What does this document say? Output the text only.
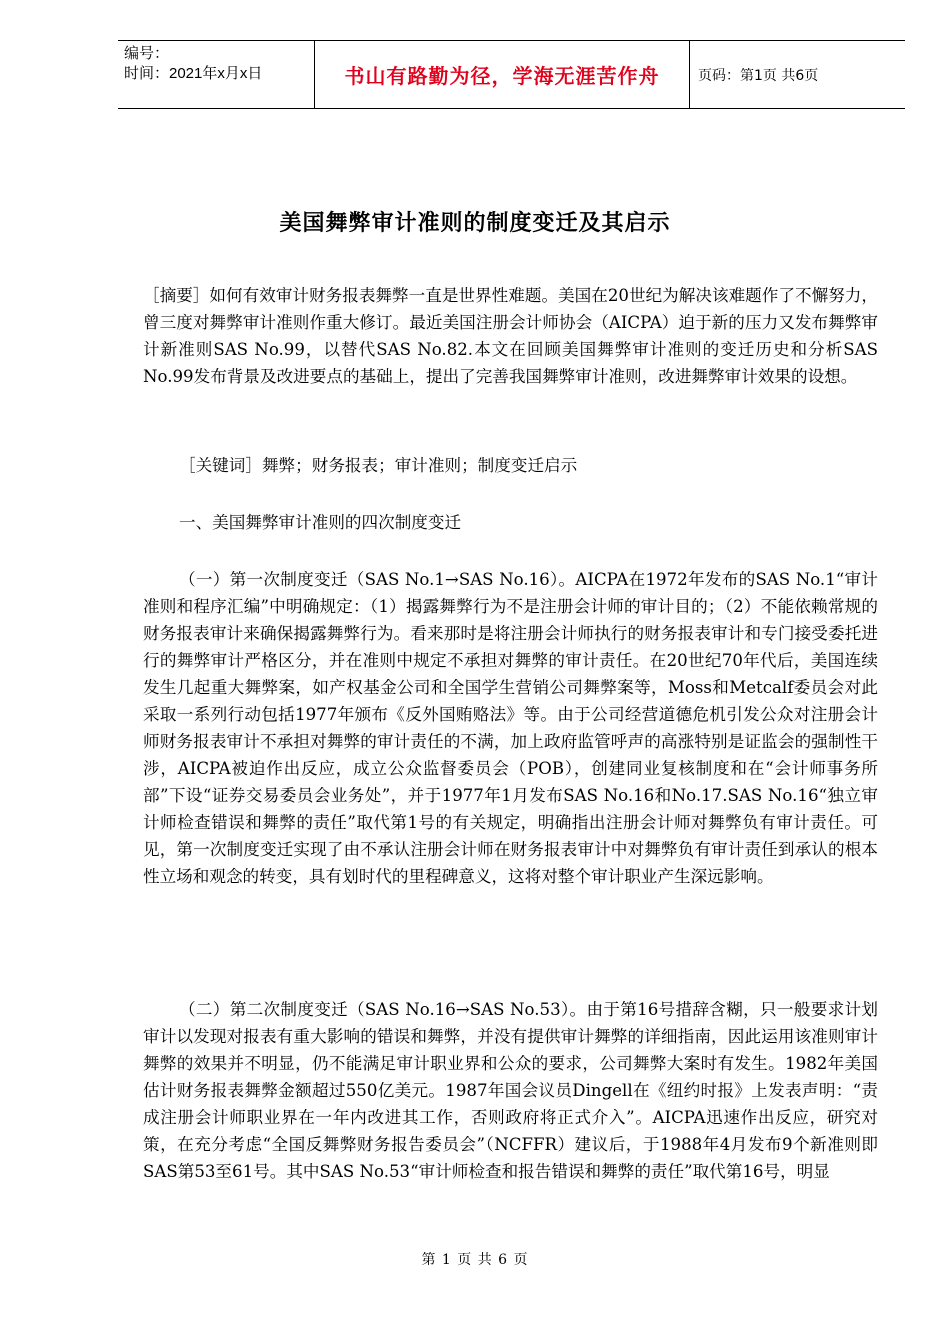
编号：
时间：2021年x月x日	书山有路勤为径，学海无涯苦作舟	页码：第1页 共6页
美国舞弊审计准则的制度变迁及其启示

［摘要］如何有效审计财务报表舞弊一直是世界性难题。美国在20世纪为解决该难题作了不懈努力，曾三度对舞弊审计准则作重大修订。最近美国注册会计师协会（AICPA）迫于新的压力又发布舞弊审计新准则SAS No.99，以替代SAS No.82.本文在回顾美国舞弊审计准则的变迁历史和分析SAS No.99发布背景及改进要点的基础上，提出了完善我国舞弊审计准则，改进舞弊审计效果的设想。

［关键词］舞弊；财务报表；审计准则；制度变迁启示

一、美国舞弊审计准则的四次制度变迁

（一）第一次制度变迁（SAS No.1→SAS No.16）。AICPA在1972年发布的SAS No.1“审计准则和程序汇编”中明确规定：（1）揭露舞弊行为不是注册会计师的审计目的；（2）不能依赖常规的财务报表审计来确保揭露舞弊行为。看来那时是将注册会计师执行的财务报表审计和专门接受委托进行的舞弊审计严格区分，并在准则中规定不承担对舞弊的审计责任。在20世纪70年代后，美国连续发生几起重大舞弊案，如产权基金公司和全国学生营销公司舞弊案等，Moss和Metcalf委员会对此采取一系列行动包括1977年颁布《反外国贿赂法》等。由于公司经营道德危机引发公众对注册会计师财务报表审计不承担对舞弊的审计责任的不满，加上政府监管呼声的高涨特别是证监会的强制性干涉，AICPA被迫作出反应，成立公众监督委员会（POB），创建同业复核制度和在“会计师事务所部”下设“证券交易委员会业务处”，并于1977年1月发布SAS No.16和No.17.SAS No.16“独立审计师检查错误和舞弊的责任”取代第1号的有关规定，明确指出注册会计师对舞弊负有审计责任。可见，第一次制度变迁实现了由不承认注册会计师在财务报表审计中对舞弊负有审计责任到承认的根本性立场和观念的转变，具有划时代的里程碑意义，这将对整个审计职业产生深远影响。

（二）第二次制度变迁（SAS No.16→SAS No.53）。由于第16号措辞含糊，只一般要求计划审计以发现对报表有重大影响的错误和舞弊，并没有提供审计舞弊的详细指南，因此运用该准则审计舞弊的效果并不明显，仍不能满足审计职业界和公众的要求，公司舞弊大案时有发生。1982年美国估计财务报表舞弊金额超过550亿美元。1987年国会议员Dingell在《纽约时报》上发表声明：“责成注册会计师职业界在一年内改进其工作，否则政府将正式介入”。AICPA迅速作出反应，研究对策，在充分考虑“全国反舞弊财务报告委员会”（NCFFR）建议后，于1988年4月发布9个新准则即SAS第53至61号。其中SAS No.53“审计师检查和报告错误和舞弊的责任”取代第16号，明显

第 1 页 共 6 页
